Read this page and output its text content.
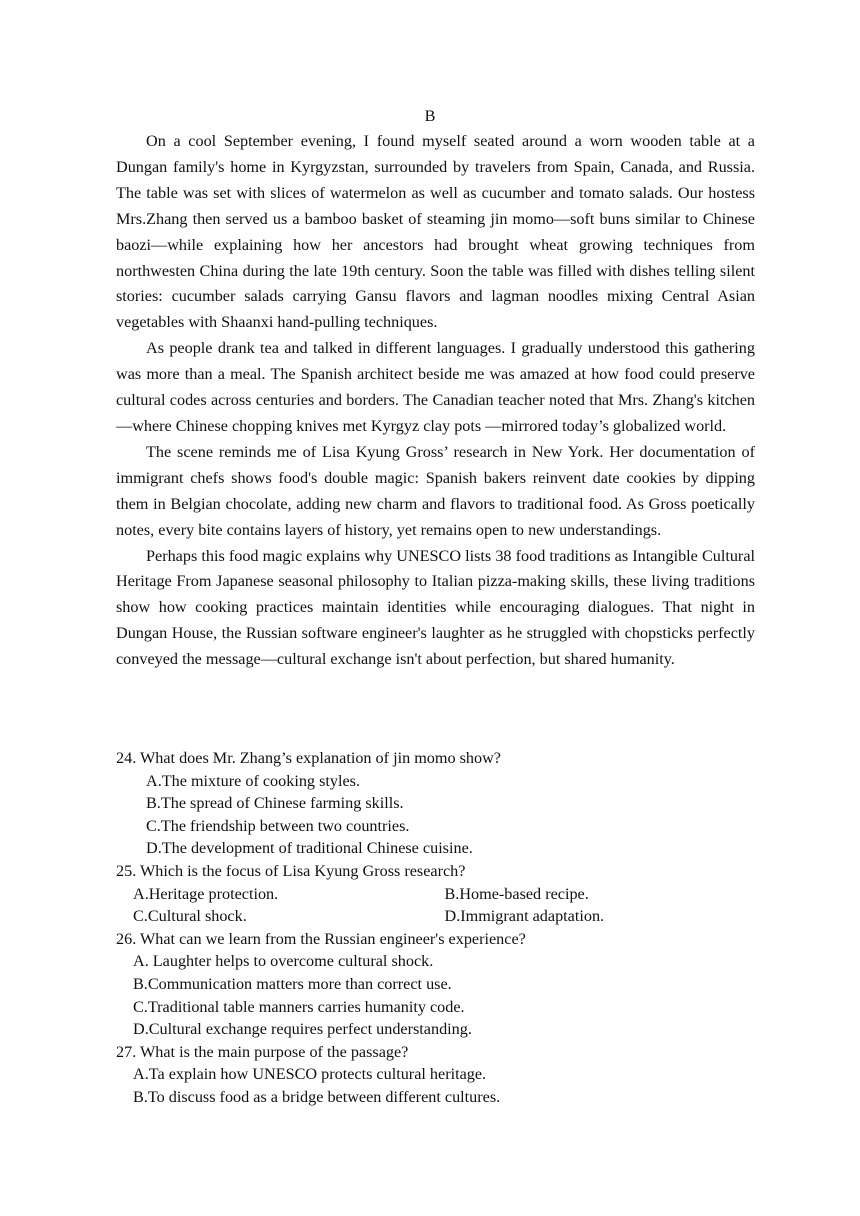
B

On a cool September evening, I found myself seated around a worn wooden table at a Dungan family's home in Kyrgyzstan, surrounded by travelers from Spain, Canada, and Russia. The table was set with slices of watermelon as well as cucumber and tomato salads. Our hostess Mrs.Zhang then served us a bamboo basket of steaming jin momo—soft buns similar to Chinese baozi—while explaining how her ancestors had brought wheat growing techniques from northwesten China during the late 19th century. Soon the table was filled with dishes telling silent stories: cucumber salads carrying Gansu flavors and lagman noodles mixing Central Asian vegetables with Shaanxi hand-pulling techniques.

As people drank tea and talked in different languages. I gradually understood this gathering was more than a meal. The Spanish architect beside me was amazed at how food could preserve cultural codes across centuries and borders. The Canadian teacher noted that Mrs. Zhang's kitchen—where Chinese chopping knives met Kyrgyz clay pots —mirrored today’s globalized world.

The scene reminds me of Lisa Kyung Gross’ research in New York. Her documentation of immigrant chefs shows food's double magic: Spanish bakers reinvent date cookies by dipping them in Belgian chocolate, adding new charm and flavors to traditional food. As Gross poetically notes, every bite contains layers of history, yet remains open to new understandings.

Perhaps this food magic explains why UNESCO lists 38 food traditions as Intangible Cultural Heritage From Japanese seasonal philosophy to Italian pizza-making skills, these living traditions show how cooking practices maintain identities while encouraging dialogues. That night in Dungan House, the Russian software engineer's laughter as he struggled with chopsticks perfectly conveyed the message—cultural exchange isn't about perfection, but shared humanity.

24. What does Mr. Zhang’s explanation of jin momo show?
A.The mixture of cooking styles.
B.The spread of Chinese farming skills.
C.The friendship between two countries.
D.The development of traditional Chinese cuisine.
25. Which is the focus of Lisa Kyung Gross research?
A.Heritage protection.	B.Home-based recipe.
C.Cultural shock.	D.Immigrant adaptation.
26. What can we learn from the Russian engineer's experience?
A. Laughter helps to overcome cultural shock.
B.Communication matters more than correct use.
C.Traditional table manners carries humanity code.
D.Cultural exchange requires perfect understanding.
27. What is the main purpose of the passage?
A.Ta explain how UNESCO protects cultural heritage.
B.To discuss food as a bridge between different cultures.
